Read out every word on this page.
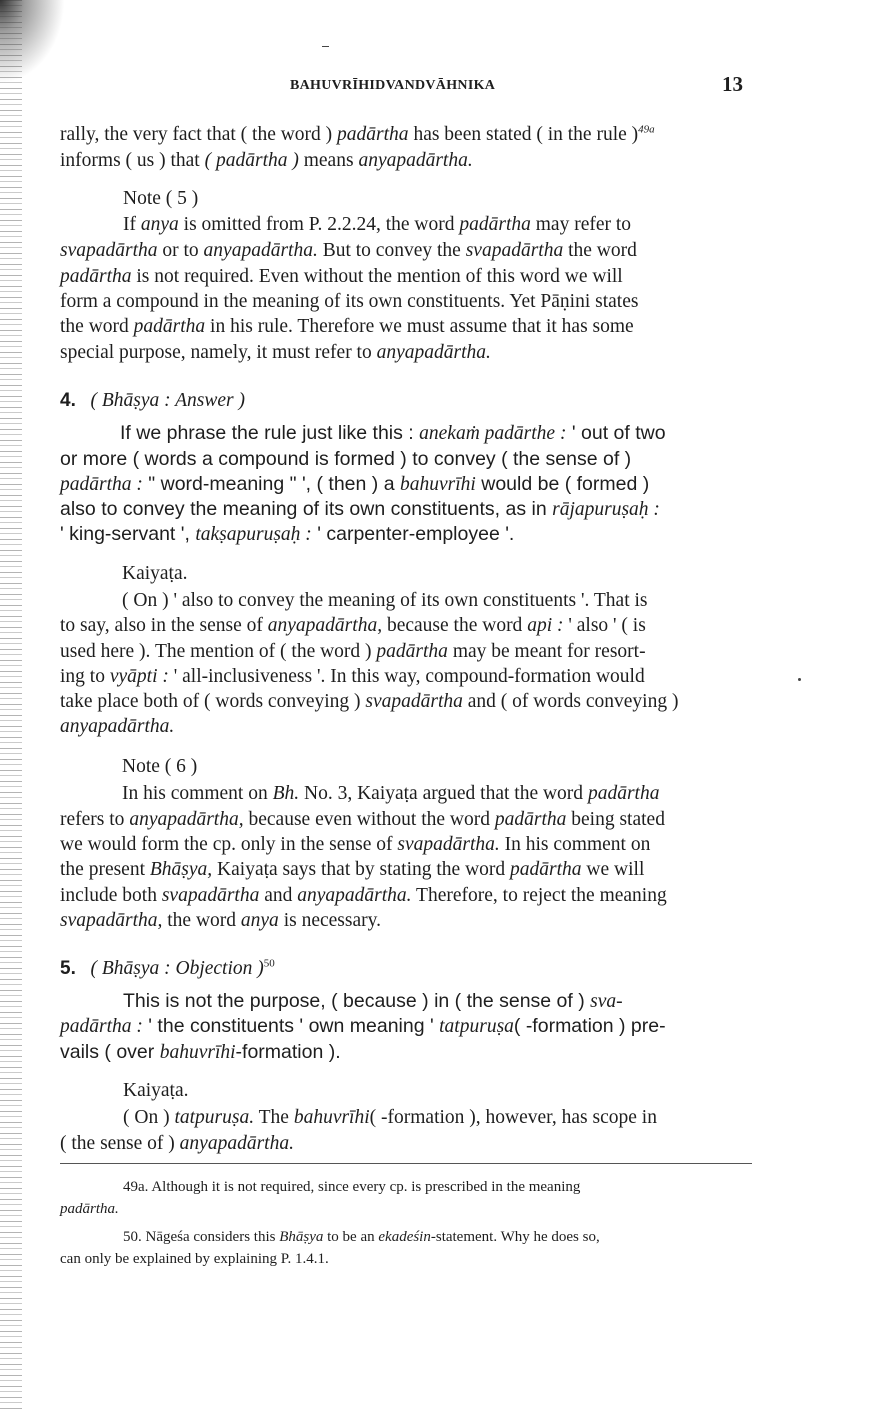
BAHUVRĪHIDVANDVĀHNIKA	13
rally, the very fact that ( the word ) padārtha has been stated ( in the rule )$^{49a}$
informs ( us ) that ( padārtha ) means anyapadārtha.
Note ( 5 )
If anya is omitted from P. 2.2.24, the word padārtha may refer to
svapadārtha or to anyapadārtha. But to convey the svapadārtha the word
padārtha is not required. Even without the mention of this word we will
form a compound in the meaning of its own constituents. Yet Pāṇini states
the word padārtha in his rule. Therefore we must assume that it has some
special purpose, namely, it must refer to anyapadārtha.
4. ( Bhāṣya : Answer )
If we phrase the rule just like this : anekaṁ padārthe : ' out of two
or more ( words a compound is formed ) to convey ( the sense of )
padārtha : " word-meaning " ', ( then ) a bahuvrīhi would be ( formed )
also to convey the meaning of its own constituents, as in rājapuruṣaḥ :
' king-servant ', takṣapuruṣaḥ : ' carpenter-employee '.
Kaiyaṭa.
( On ) ' also to convey the meaning of its own constituents '. That is
to say, also in the sense of anyapadārtha, because the word api : ' also ' ( is
used here ). The mention of ( the word ) padārtha may be meant for resort-
ing to vyāpti : ' all-inclusiveness '. In this way, compound-formation would
take place both of ( words conveying ) svapadārtha and ( of words conveying )
anyapadārtha.
Note ( 6 )
In his comment on Bh. No. 3, Kaiyaṭa argued that the word padārtha
refers to anyapadārtha, because even without the word padārtha being stated
we would form the cp. only in the sense of svapadārtha. In his comment on
the present Bhāṣya, Kaiyaṭa says that by stating the word padārtha we will
include both svapadārtha and anyapadārtha. Therefore, to reject the meaning
svapadārtha, the word anya is necessary.
5. ( Bhāṣya : Objection )$^{50}$
This is not the purpose, ( because ) in ( the sense of ) sva-
padārtha : ' the constituents ' own meaning ' tatpuruṣa( -formation ) pre-
vails ( over bahuvrīhi-formation ).
Kaiyaṭa.
( On ) tatpuruṣa. The bahuvrīhi( -formation ), however, has scope in
( the sense of ) anyapadārtha.
49a. Although it is not required, since every cp. is prescribed in the meaning
padārtha.
50. Nāgeśa considers this Bhāṣya to be an ekadeśin-statement. Why he does so,
can only be explained by explaining P. 1.4.1.
